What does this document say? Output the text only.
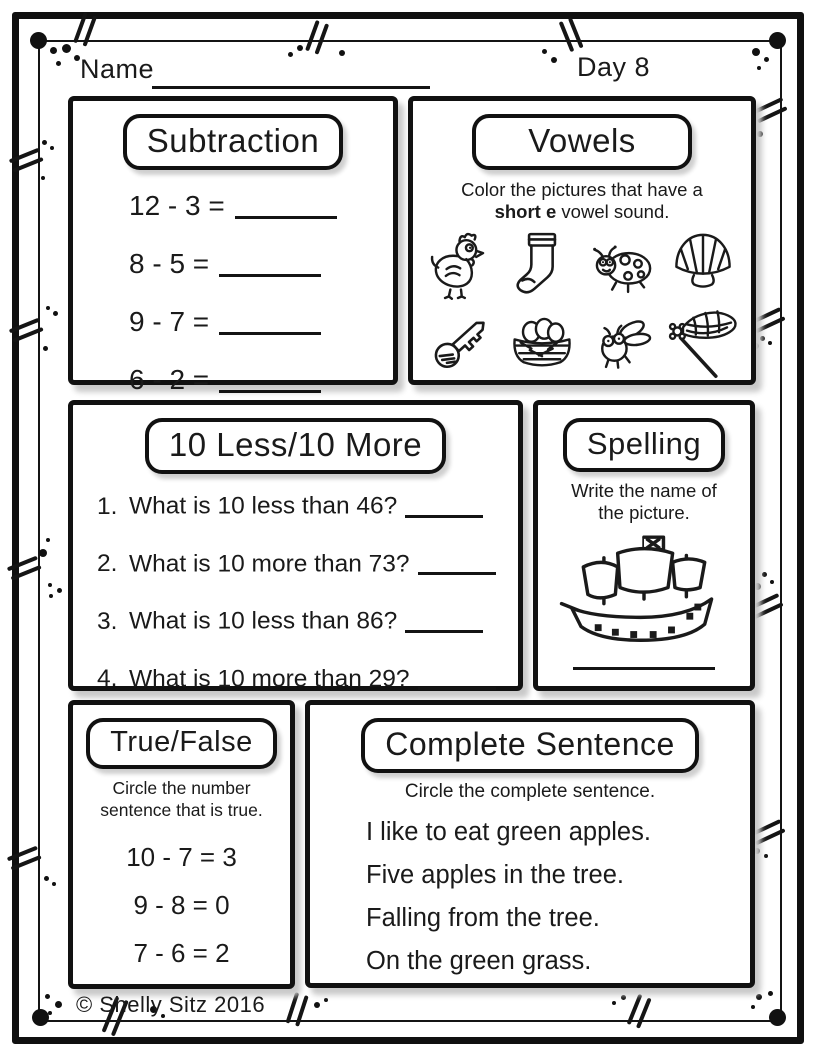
Name	Day 8
Subtraction
12 - 3 =
8 - 5 =
9 - 7 =
6 - 2 =
Vowels
Color the pictures that have a
short e vowel sound.
10 Less/10 More
1. What is 10 less than 46?
2. What is 10 more than 73?
3. What is 10 less than 86?
4. What is 10 more than 29?
Spelling
Write the name of
the picture.
True/False
Circle the number
sentence that is true.
10 - 7 = 3
9 - 8 = 0
7 - 6 = 2
Complete Sentence
Circle the complete sentence.
I like to eat green apples.
Five apples in the tree.
Falling from the tree.
On the green grass.
© Shelly Sitz 2016
